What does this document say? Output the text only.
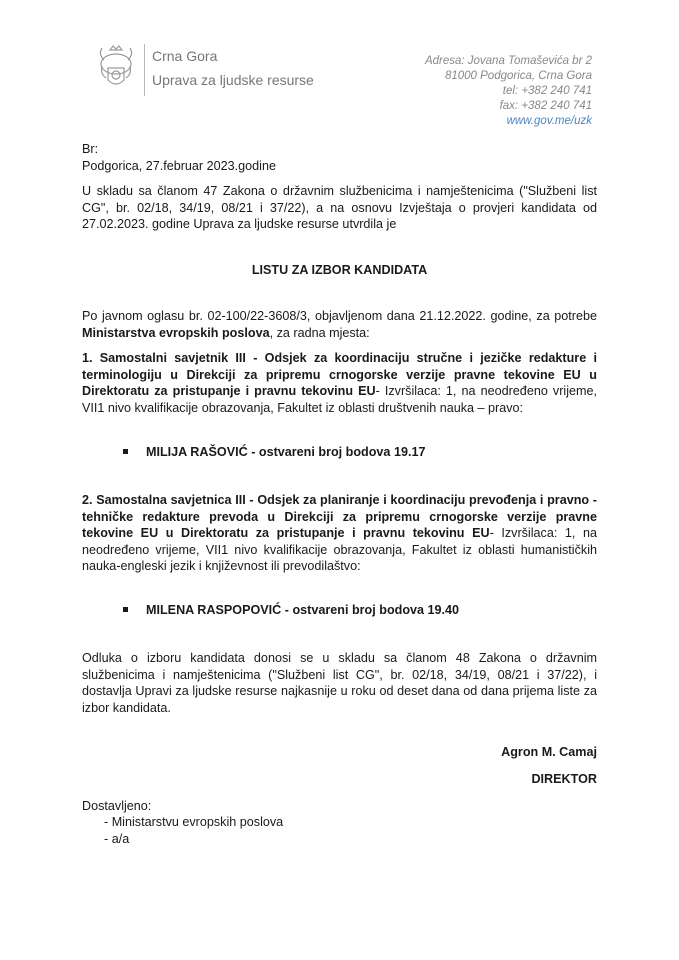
Crna Gora
Uprava za ljudske resurse
Adresa: Jovana Tomaševića br 2
81000 Podgorica, Crna Gora
tel: +382 240 741
fax: +382 240 741
www.gov.me/uzk
Br:
Podgorica, 27.februar 2023.godine
U skladu sa članom 47 Zakona o državnim službenicima i namještenicima ("Službeni list CG", br. 02/18, 34/19, 08/21 i 37/22), a na osnovu Izvještaja o provjeri kandidata od 27.02.2023. godine Uprava za ljudske resurse utvrdila je
LISTU ZA IZBOR KANDIDATA
Po javnom oglasu br. 02-100/22-3608/3, objavljenom dana 21.12.2022. godine, za potrebe Ministarstva evropskih poslova, za radna mjesta:
1. Samostalni savjetnik III - Odsjek za koordinaciju stručne i jezičke redakture i terminologiju u Direkciji za pripremu crnogorske verzije pravne tekovine EU u Direktoratu za pristupanje i pravnu tekovinu EU- Izvršilaca: 1, na neodređeno vrijeme, VII1 nivo kvalifikacije obrazovanja, Fakultet iz oblasti društvenih nauka – pravo:
MILIJA RAŠOVIĆ - ostvareni broj bodova 19.17
2. Samostalna savjetnica III - Odsjek za planiranje i koordinaciju prevođenja i pravno - tehničke redakture prevoda u Direkciji za pripremu crnogorske verzije pravne tekovine EU u Direktoratu za pristupanje i pravnu tekovinu EU- Izvršilaca: 1, na neodređeno vrijeme, VII1 nivo kvalifikacije obrazovanja, Fakultet iz oblasti humanističkih nauka-engleski jezik i književnost ili prevodilaštvo:
MILENA RASPOPOVIĆ - ostvareni broj bodova 19.40
Odluka o izboru kandidata donosi se u skladu sa članom 48 Zakona o državnim službenicima i namještenicima ("Službeni list CG", br. 02/18, 34/19, 08/21 i 37/22), i dostavlja Upravi za ljudske resurse najkasnije u roku od deset dana od dana prijema liste za izbor kandidata.
Agron M. Camaj
DIREKTOR
Dostavljeno:
- Ministarstvu evropskih poslova
- a/a
